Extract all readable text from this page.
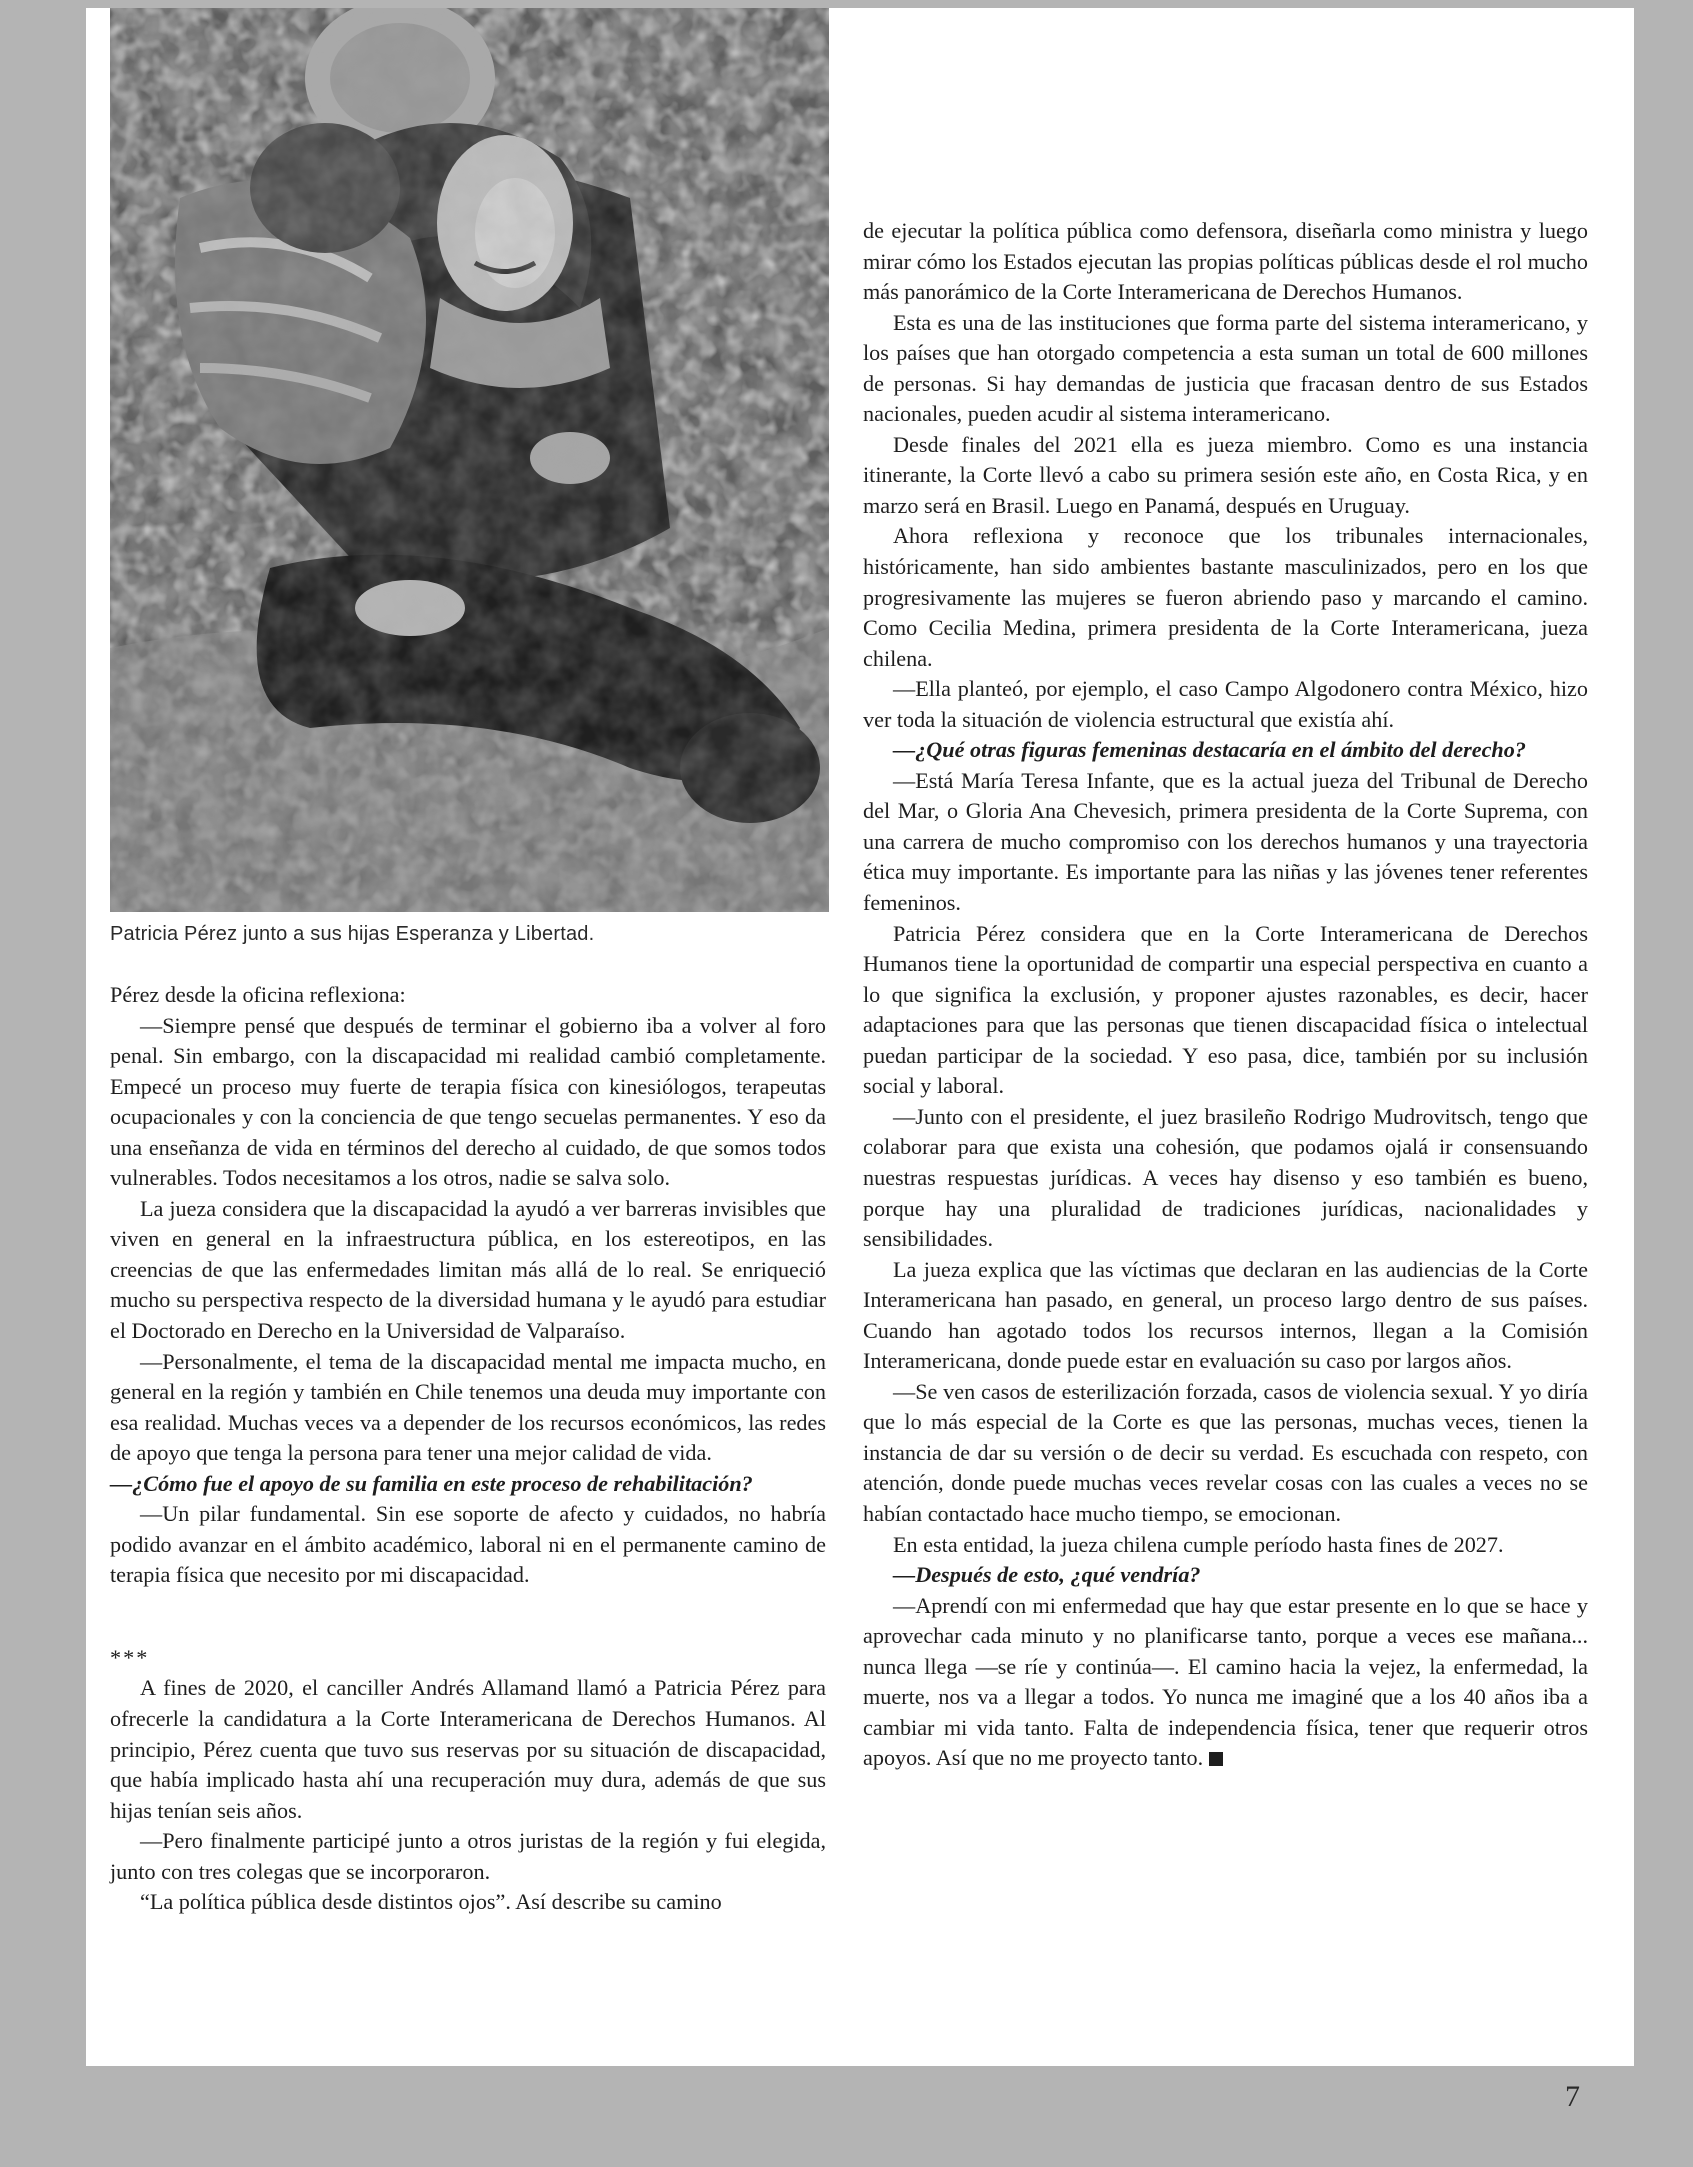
Patricia Pérez junto a sus hijas Esperanza y Libertad.

Pérez desde la oficina reflexiona:

—Siempre pensé que después de terminar el gobierno iba a volver al foro penal. Sin embargo, con la discapacidad mi realidad cambió completamente. Empecé un proceso muy fuerte de terapia física con kinesiólogos, terapeutas ocupacionales y con la conciencia de que tengo secuelas permanentes. Y eso da una enseñanza de vida en términos del derecho al cuidado, de que somos todos vulnerables. Todos necesitamos a los otros, nadie se salva solo.

La jueza considera que la discapacidad la ayudó a ver barreras invisibles que viven en general en la infraestructura pública, en los estereotipos, en las creencias de que las enfermedades limitan más allá de lo real. Se enriqueció mucho su perspectiva respecto de la diversidad humana y le ayudó para estudiar el Doctorado en Derecho en la Universidad de Valparaíso.

—Personalmente, el tema de la discapacidad mental me impacta mucho, en general en la región y también en Chile tenemos una deuda muy importante con esa realidad. Muchas veces va a depender de los recursos económicos, las redes de apoyo que tenga la persona para tener una mejor calidad de vida.

—¿Cómo fue el apoyo de su familia en este proceso de rehabilitación?

—Un pilar fundamental. Sin ese soporte de afecto y cuidados, no habría podido avanzar en el ámbito académico, laboral ni en el permanente camino de terapia física que necesito por mi discapacidad.

***

A fines de 2020, el canciller Andrés Allamand llamó a Patricia Pérez para ofrecerle la candidatura a la Corte Interamericana de Derechos Humanos. Al principio, Pérez cuenta que tuvo sus reservas por su situación de discapacidad, que había implicado hasta ahí una recuperación muy dura, además de que sus hijas tenían seis años.

—Pero finalmente participé junto a otros juristas de la región y fui elegida, junto con tres colegas que se incorporaron.

“La política pública desde distintos ojos”. Así describe su camino

de ejecutar la política pública como defensora, diseñarla como ministra y luego mirar cómo los Estados ejecutan las propias políticas públicas desde el rol mucho más panorámico de la Corte Interamericana de Derechos Humanos.

Esta es una de las instituciones que forma parte del sistema interamericano, y los países que han otorgado competencia a esta suman un total de 600 millones de personas. Si hay demandas de justicia que fracasan dentro de sus Estados nacionales, pueden acudir al sistema interamericano.

Desde finales del 2021 ella es jueza miembro. Como es una instancia itinerante, la Corte llevó a cabo su primera sesión este año, en Costa Rica, y en marzo será en Brasil. Luego en Panamá, después en Uruguay.

Ahora reflexiona y reconoce que los tribunales internacionales, históricamente, han sido ambientes bastante masculinizados, pero en los que progresivamente las mujeres se fueron abriendo paso y marcando el camino. Como Cecilia Medina, primera presidenta de la Corte Interamericana, jueza chilena.

—Ella planteó, por ejemplo, el caso Campo Algodonero contra México, hizo ver toda la situación de violencia estructural que existía ahí.

—¿Qué otras figuras femeninas destacaría en el ámbito del derecho?

—Está María Teresa Infante, que es la actual jueza del Tribunal de Derecho del Mar, o Gloria Ana Chevesich, primera presidenta de la Corte Suprema, con una carrera de mucho compromiso con los derechos humanos y una trayectoria ética muy importante. Es importante para las niñas y las jóvenes tener referentes femeninos.

Patricia Pérez considera que en la Corte Interamericana de Derechos Humanos tiene la oportunidad de compartir una especial perspectiva en cuanto a lo que significa la exclusión, y proponer ajustes razonables, es decir, hacer adaptaciones para que las personas que tienen discapacidad física o intelectual puedan participar de la sociedad. Y eso pasa, dice, también por su inclusión social y laboral.

—Junto con el presidente, el juez brasileño Rodrigo Mudrovitsch, tengo que colaborar para que exista una cohesión, que podamos ojalá ir consensuando nuestras respuestas jurídicas. A veces hay disenso y eso también es bueno, porque hay una pluralidad de tradiciones jurídicas, nacionalidades y sensibilidades.

La jueza explica que las víctimas que declaran en las audiencias de la Corte Interamericana han pasado, en general, un proceso largo dentro de sus países. Cuando han agotado todos los recursos internos, llegan a la Comisión Interamericana, donde puede estar en evaluación su caso por largos años.

—Se ven casos de esterilización forzada, casos de violencia sexual. Y yo diría que lo más especial de la Corte es que las personas, muchas veces, tienen la instancia de dar su versión o de decir su verdad. Es escuchada con respeto, con atención, donde puede muchas veces revelar cosas con las cuales a veces no se habían contactado hace mucho tiempo, se emocionan.

En esta entidad, la jueza chilena cumple período hasta fines de 2027.

—Después de esto, ¿qué vendría?

—Aprendí con mi enfermedad que hay que estar presente en lo que se hace y aprovechar cada minuto y no planificarse tanto, porque a veces ese mañana... nunca llega —se ríe y continúa—. El camino hacia la vejez, la enfermedad, la muerte, nos va a llegar a todos. Yo nunca me imaginé que a los 40 años iba a cambiar mi vida tanto. Falta de independencia física, tener que requerir otros apoyos. Así que no me proyecto tanto.

7
